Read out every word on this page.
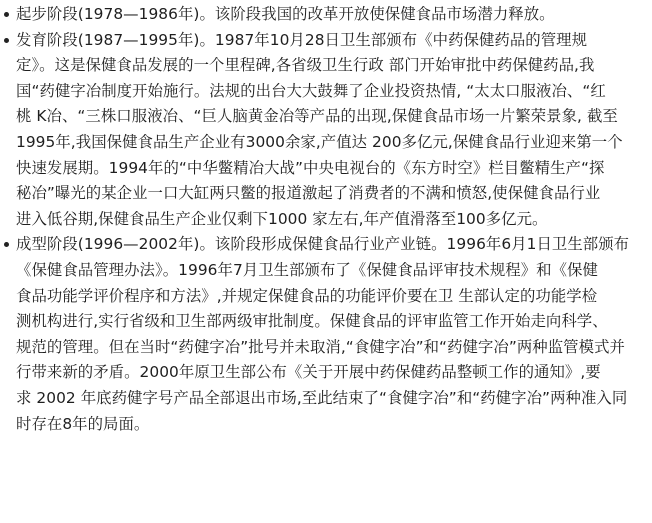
起步阶段(1978—1986年)。该阶段我国的改革开放使保健食品市场潜力释放。
发育阶段(1987—1995年)。1987年10月28日卫生部颁布《中药保健药品的管理规
定》。这是保健食品发展的一个里程碑,各省级卫生行政 部门开始审批中药保健药品,我
国“药健字冶制度开始施行。法规的出台大大鼓舞了企业投资热情, “太太口服液冶、“红
桃 K冶、“三株口服液冶、“巨人脑黄金冶等产品的出现,保健食品市场一片繁荣景象, 截至
1995年,我国保健食品生产企业有3000余家,产值达 200多亿元,保健食品行业迎来第一个
快速发展期。1994年的“中华鳖精冶大战”中央电视台的《东方时空》栏目鳖精生产“探
秘冶”曝光的某企业一口大缸两只鳖的报道激起了消费者的不满和愤怒,使保健食品行业
进入低谷期,保健食品生产企业仅剩下1000 家左右,年产值滑落至100多亿元。
成型阶段(1996—2002年)。该阶段形成保健食品行业产业链。1996年6月1日卫生部颁布
《保健食品管理办法》。1996年7月卫生部颁布了《保健食品评审技术规程》和《保健
食品功能学评价程序和方法》,并规定保健食品的功能评价要在卫 生部认定的功能学检
测机构进行,实行省级和卫生部两级审批制度。保健食品的评审监管工作开始走向科学、
规范的管理。但在当时“药健字冶”批号并未取消,“食健字冶”和“药健字冶”两种监管模式并
行带来新的矛盾。2000年原卫生部公布《关于开展中药保健药品整顿工作的通知》,要
求 2002 年底药健字号产品全部退出市场,至此结束了“食健字冶”和“药健字冶”两种准入同
时存在8年的局面。
